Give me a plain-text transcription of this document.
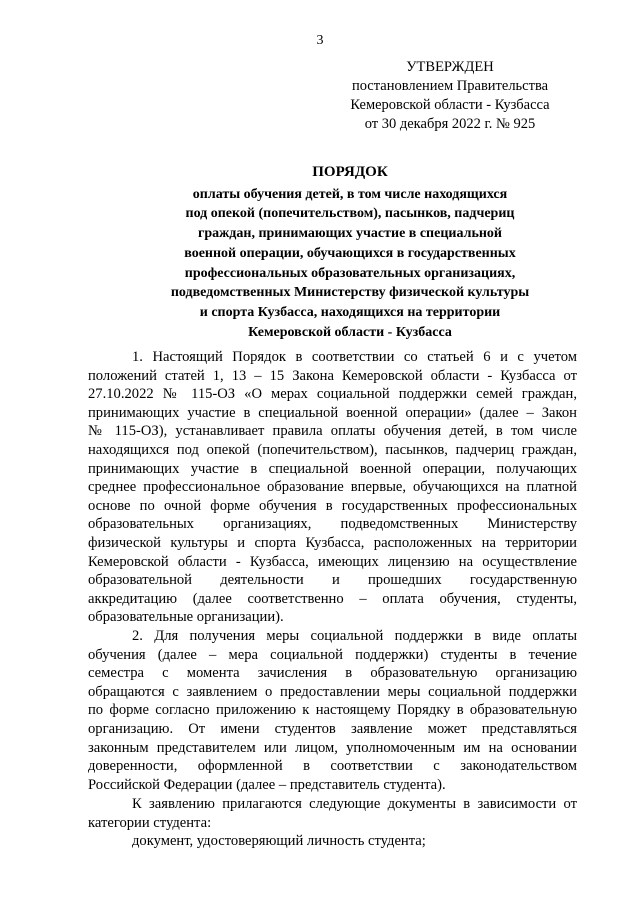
3
УТВЕРЖДЕН
постановлением Правительства
Кемеровской области - Кузбасса
от 30 декабря 2022 г. № 925
ПОРЯДОК
оплаты обучения детей, в том числе находящихся
под опекой (попечительством), пасынков, падчериц
граждан, принимающих участие в специальной
военной операции, обучающихся в государственных
профессиональных образовательных организациях,
подведомственных Министерству физической культуры
и спорта Кузбасса, находящихся на территории
Кемеровской области - Кузбасса
1. Настоящий Порядок в соответствии со статьей 6 и с учетом
положений статей 1, 13 – 15 Закона Кемеровской области - Кузбасса от
27.10.2022 № 115-ОЗ «О мерах социальной поддержки семей граждан,
принимающих участие в специальной военной операции» (далее – Закон
№ 115-ОЗ), устанавливает правила оплаты обучения детей, в том числе
находящихся под опекой (попечительством), пасынков, падчериц граждан,
принимающих участие в специальной военной операции, получающих
среднее профессиональное образование впервые, обучающихся на платной
основе по очной форме обучения в государственных профессиональных
образовательных организациях, подведомственных Министерству
физической культуры и спорта Кузбасса, расположенных на территории
Кемеровской области - Кузбасса, имеющих лицензию на осуществление
образовательной деятельности и прошедших государственную
аккредитацию (далее соответственно – оплата обучения, студенты,
образовательные организации).
2. Для получения меры социальной поддержки в виде оплаты
обучения (далее – мера социальной поддержки) студенты в течение
семестра с момента зачисления в образовательную организацию
обращаются с заявлением о предоставлении меры социальной поддержки
по форме согласно приложению к настоящему Порядку в образовательную
организацию. От имени студентов заявление может представляться
законным представителем или лицом, уполномоченным им на основании
доверенности, оформленной в соответствии с законодательством
Российской Федерации (далее – представитель студента).
К заявлению прилагаются следующие документы в зависимости от
категории студента:
документ, удостоверяющий личность студента;
